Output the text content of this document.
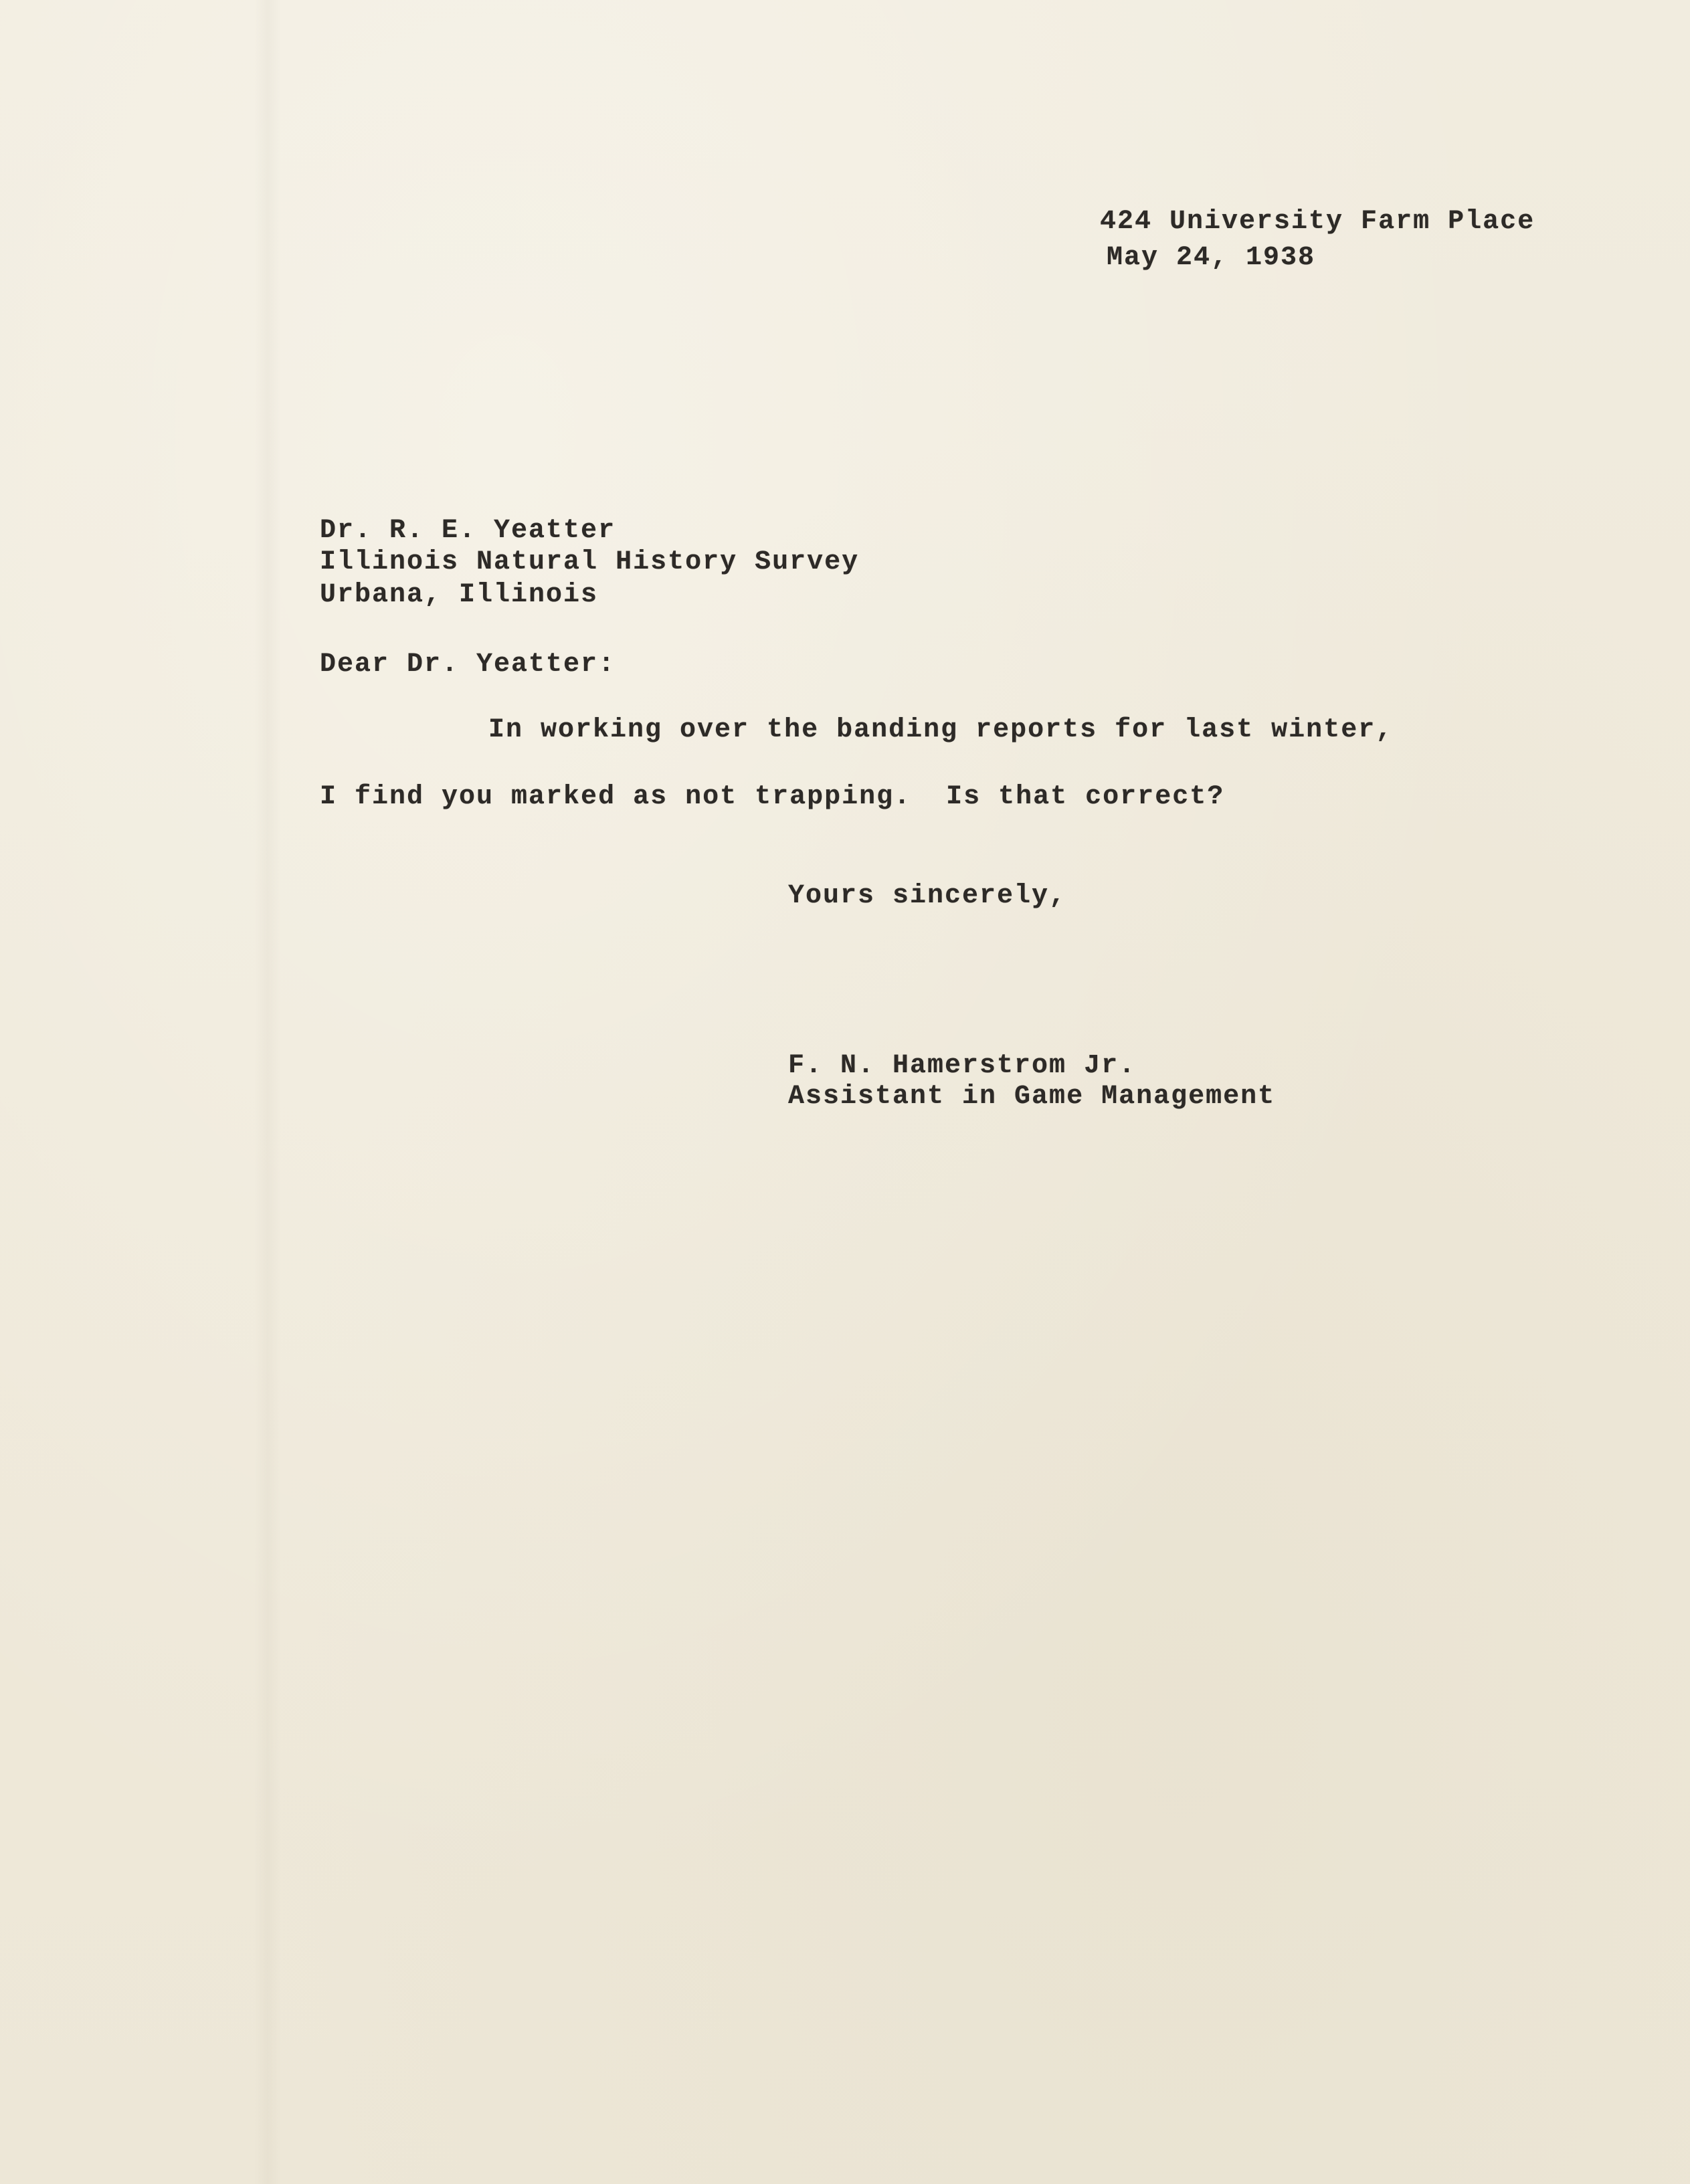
424 University Farm Place

May 24, 1938

Dr. R. E. Yeatter

Illinois Natural History Survey

Urbana, Illinois

Dear Dr. Yeatter:

In working over the banding reports for last winter,

I find you marked as not trapping.  Is that correct?

Yours sincerely,

F. N. Hamerstrom Jr.

Assistant in Game Management
